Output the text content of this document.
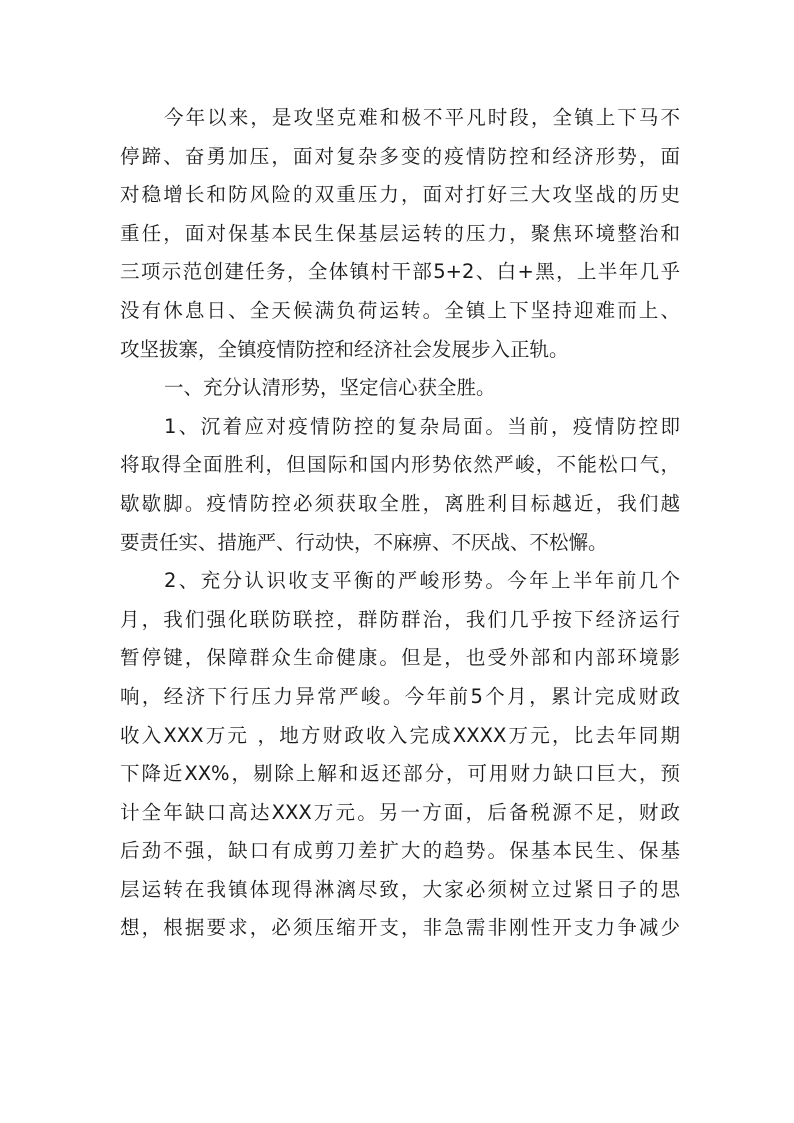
今年以来，是攻坚克难和极不平凡时段，全镇上下马不
停蹄、奋勇加压，面对复杂多变的疫情防控和经济形势，面
对稳增长和防风险的双重压力，面对打好三大攻坚战的历史
重任，面对保基本民生保基层运转的压力，聚焦环境整治和
三项示范创建任务，全体镇村干部5+2、白+黑，上半年几乎
没有休息日、全天候满负荷运转。全镇上下坚持迎难而上、
攻坚拔寨，全镇疫情防控和经济社会发展步入正轨。
一、充分认清形势，坚定信心获全胜。
1、沉着应对疫情防控的复杂局面。当前，疫情防控即
将取得全面胜利，但国际和国内形势依然严峻，不能松口气，
歇歇脚。疫情防控必须获取全胜，离胜利目标越近，我们越
要责任实、措施严、行动快，不麻痹、不厌战、不松懈。
2、充分认识收支平衡的严峻形势。今年上半年前几个
月，我们强化联防联控，群防群治，我们几乎按下经济运行
暂停键，保障群众生命健康。但是，也受外部和内部环境影
响，经济下行压力异常严峻。今年前5个月，累计完成财政
收入XXX万元 ，地方财政收入完成XXXX万元，比去年同期
下降近XX%，剔除上解和返还部分，可用财力缺口巨大，预
计全年缺口高达XXX万元。另一方面，后备税源不足，财政
后劲不强，缺口有成剪刀差扩大的趋势。保基本民生、保基
层运转在我镇体现得淋漓尽致，大家必须树立过紧日子的思
想，根据要求，必须压缩开支，非急需非刚性开支力争减少
